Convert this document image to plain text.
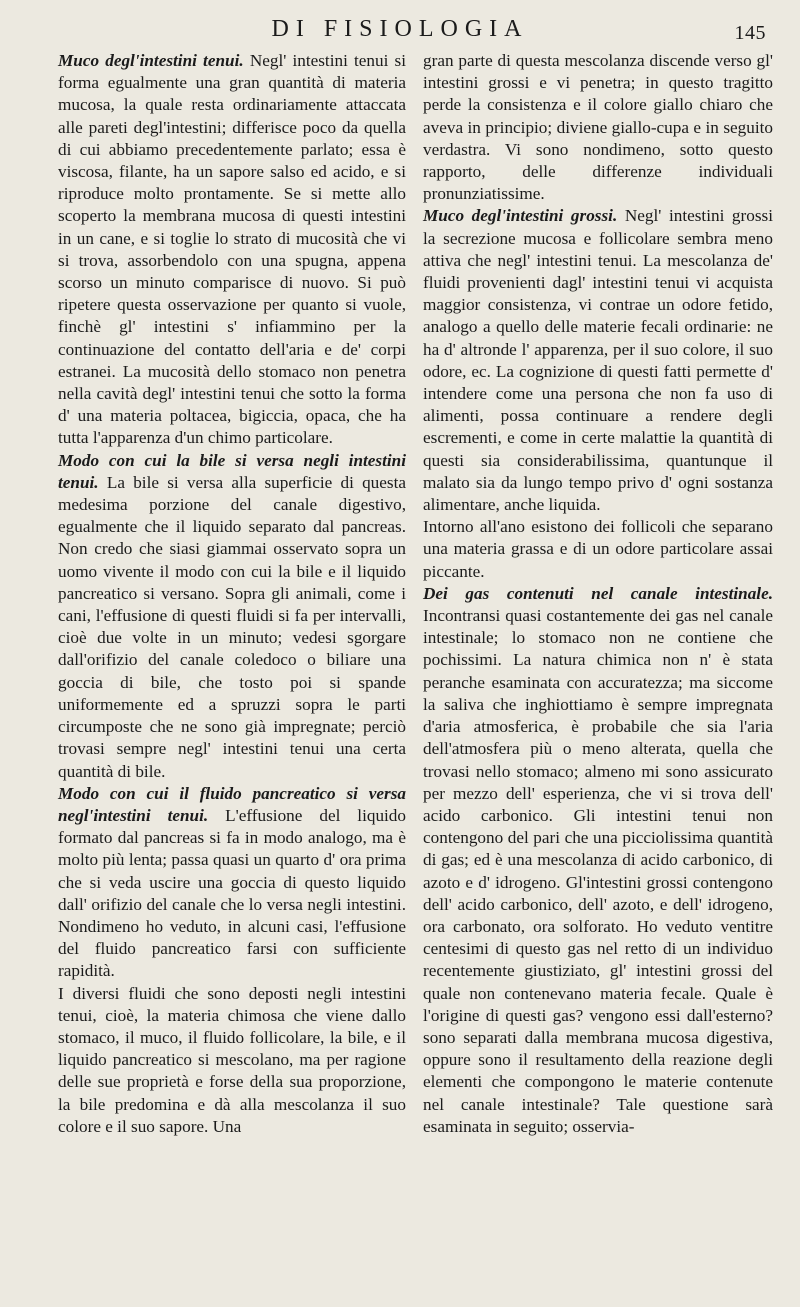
DI FISIOLOGIA	145

Muco degl'intestini tenui. Negl' intestini tenui si forma egualmente una gran quantità di materia mucosa, la quale resta ordinariamente attaccata alle pareti degl'intestini; differisce poco da quella di cui abbiamo precedentemente parlato; essa è viscosa, filante, ha un sapore salso ed acido, e si riproduce molto prontamente. Se si mette allo scoperto la membrana mucosa di questi intestini in un cane, e si toglie lo strato di mucosità che vi si trova, assorbendolo con una spugna, appena scorso un minuto comparisce di nuovo. Si può ripetere questa osservazione per quanto si vuole, finchè gl' intestini s' infiammino per la continuazione del contatto dell'aria e de' corpi estranei. La mucosità dello stomaco non penetra nella cavità degl' intestini tenui che sotto la forma d' una materia poltacea, bigiccia, opaca, che ha tutta l'apparenza d'un chimo particolare.

Modo con cui la bile si versa negli intestini tenui. La bile si versa alla superficie di questa medesima porzione del canale digestivo, egualmente che il liquido separato dal pancreas. Non credo che siasi giammai osservato sopra un uomo vivente il modo con cui la bile e il liquido pancreatico si versano. Sopra gli animali, come i cani, l'effusione di questi fluidi si fa per intervalli, cioè due volte in un minuto; vedesi sgorgare dall'orifizio del canale coledoco o biliare una goccia di bile, che tosto poi si spande uniformemente ed a spruzzi sopra le parti circumposte che ne sono già impregnate; perciò trovasi sempre negl' intestini tenui una certa quantità di bile.

Modo con cui il fluido pancreatico si versa negl'intestini tenui. L'effusione del liquido formato dal pancreas si fa in modo analogo, ma è molto più lenta; passa quasi un quarto d' ora prima che si veda uscire una goccia di questo liquido dall' orifizio del canale che lo versa negli intestini. Nondimeno ho veduto, in alcuni casi, l'effusione del fluido pancreatico farsi con sufficiente rapidità.

I diversi fluidi che sono deposti negli intestini tenui, cioè, la materia chimosa che viene dallo stomaco, il muco, il fluido follicolare, la bile, e il liquido pancreatico si mescolano, ma per ragione delle sue proprietà e forse della sua proporzione, la bile predomina e dà alla mescolanza il suo colore e il suo sapore. Una

gran parte di questa mescolanza discende verso gl' intestini grossi e vi penetra; in questo tragitto perde la consistenza e il colore giallo chiaro che aveva in principio; diviene giallo-cupa e in seguito verdastra. Vi sono nondimeno, sotto questo rapporto, delle differenze individuali pronunziatissime.

Muco degl'intestini grossi. Negl' intestini grossi la secrezione mucosa e follicolare sembra meno attiva che negl' intestini tenui. La mescolanza de' fluidi provenienti dagl' intestini tenui vi acquista maggior consistenza, vi contrae un odore fetido, analogo a quello delle materie fecali ordinarie: ne ha d' altronde l' apparenza, per il suo colore, il suo odore, ec. La cognizione di questi fatti permette d' intendere come una persona che non fa uso di alimenti, possa continuare a rendere degli escrementi, e come in certe malattie la quantità di questi sia considerabilissima, quantunque il malato sia da lungo tempo privo d' ogni sostanza alimentare, anche liquida.

Intorno all'ano esistono dei follicoli che separano una materia grassa e di un odore particolare assai piccante.

Dei gas contenuti nel canale intestinale. Incontransi quasi costantemente dei gas nel canale intestinale; lo stomaco non ne contiene che pochissimi. La natura chimica non n' è stata peranche esaminata con accuratezza; ma siccome la saliva che inghiottiamo è sempre impregnata d'aria atmosferica, è probabile che sia l'aria dell'atmosfera più o meno alterata, quella che trovasi nello stomaco; almeno mi sono assicurato per mezzo dell' esperienza, che vi si trova dell' acido carbonico. Gli intestini tenui non contengono del pari che una picciolissima quantità di gas; ed è una mescolanza di acido carbonico, di azoto e d' idrogeno. Gl'intestini grossi contengono dell' acido carbonico, dell' azoto, e dell' idrogeno, ora carbonato, ora solforato. Ho veduto ventitre centesimi di questo gas nel retto di un individuo recentemente giustiziato, gl' intestini grossi del quale non contenevano materia fecale. Quale è l'origine di questi gas? vengono essi dall'esterno? sono separati dalla membrana mucosa digestiva, oppure sono il resultamento della reazione degli elementi che compongono le materie contenute nel canale intestinale? Tale questione sarà esaminata in seguito; osservia-
